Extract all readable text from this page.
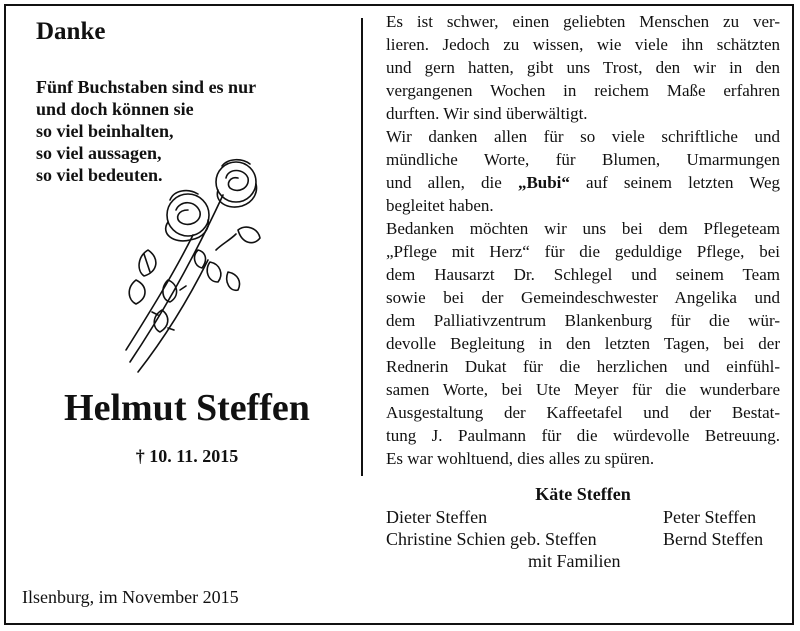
Danke
Fünf Buchstaben sind es nur
und doch können sie
so viel beinhalten,
so viel aussagen,
so viel bedeuten.
Helmut Steffen
† 10. 11. 2015

Es ist schwer, einen geliebten Menschen zu ver-

lieren. Jedoch zu wissen, wie viele ihn schätzten

und gern hatten, gibt uns Trost, den wir in den

vergangenen Wochen in reichem Maße erfahren

durften. Wir sind überwältigt.

Wir danken allen für so viele schriftliche und

mündliche Worte, für Blumen, Umarmungen

und allen, die „Bubi“ auf seinem letzten Weg

begleitet haben.

Bedanken möchten wir uns bei dem Pflegeteam

„Pflege mit Herz“ für die geduldige Pflege, bei

dem Hausarzt Dr. Schlegel und seinem Team

sowie bei der Gemeindeschwester Angelika und

dem Palliativzentrum Blankenburg für die wür-

devolle Begleitung in den letzten Tagen, bei der

Rednerin Dukat für die herzlichen und einfühl-

samen Worte, bei Ute Meyer für die wunderbare

Ausgestaltung der Kaffeetafel und der Bestat-

tung J. Paulmann für die würdevolle Betreuung.

Es war wohltuend, dies alles zu spüren.

Käte Steffen
Dieter Steffen
Christine Schien geb. Steffen
mit Familien
Peter Steffen
Bernd Steffen
Ilsenburg, im November 2015
